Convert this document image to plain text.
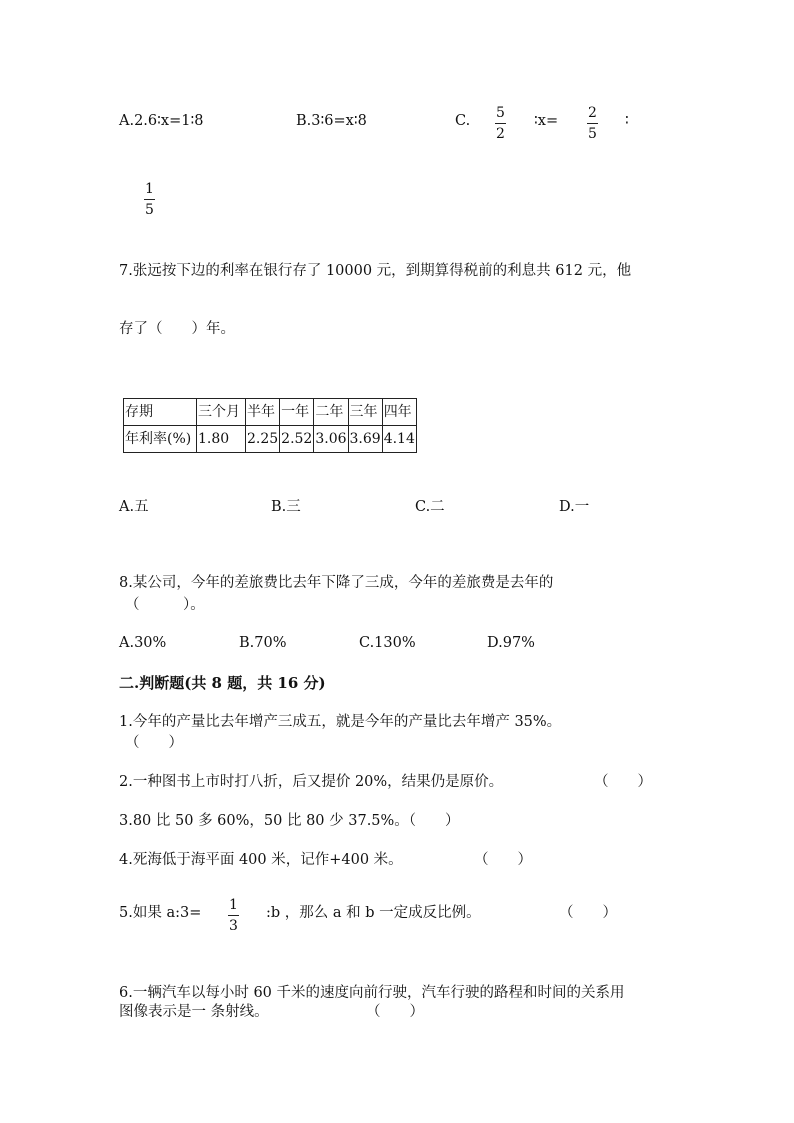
A.2.6∶x=1∶8	B.3∶6=x∶8	C. 5
2
∶x= 2
5
∶
1
5
7.张远按下边的利率在银行存了 10000 元，到期算得税前的利息共 612 元，他
存了（　　）年。
存期	三个月	半年	一年	二年	三年	四年
年利率(%)	1.80	2.25	2.52	3.06	3.69	4.14
A.五	B.三	C.二	D.一
8.某公司，今年的差旅费比去年下降了三成，今年的差旅费是去年的
（　　　）。
A.30%	B.70%	C.130%	D.97%
二.判断题(共 8 题，共 16 分)
1.今年的产量比去年增产三成五，就是今年的产量比去年增产 35%。
（　　）
2.一种图书上市时打八折，后又提价 20%，结果仍是原价。	（　　）
3.80 比 50 多 60%，50 比 80 少 37.5%。（　　）
4.死海低于海平面 400 米，记作+400 米。	（　　）
5.如果 a:3= 1
3
:b ，那么 a 和 b 一定成反比例。	（　　）
6.一辆汽车以每小时 60 千米的速度向前行驶，汽车行驶的路程和时间的关系用
图像表示是一 条射线。	（　　）
